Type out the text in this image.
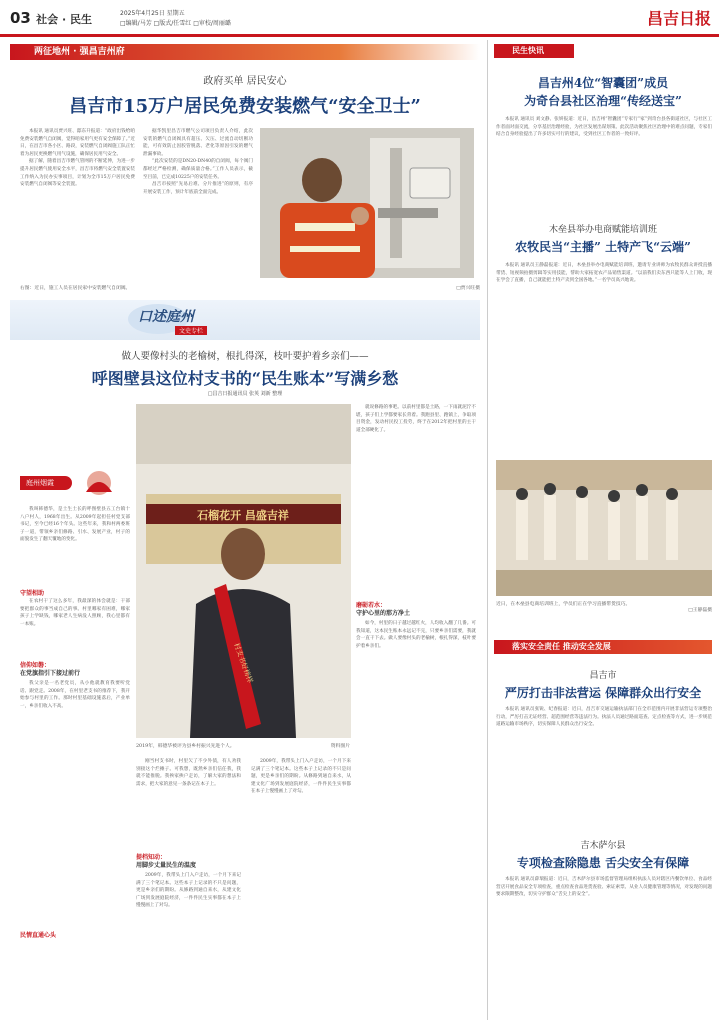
03 社会 · 民生	2025年4月25日 星期五
□编辑/马芳 □版式/任雪红 □审校/周丽璐	昌吉日报
两征地州 · 强昌吉州府
政府买单 居民安心
昌吉市15万户居民免费安装燃气“安全卫士”

本报讯 通讯员贾兴旺、邸东升报道：“政府出钱给咱免费安装燃气自闭阀，觉得咱家用气更有安全保障了。”近日，在昌吉市各小区、路段，安装燃气自闭阀施工队正忙着为居民更换燃气用气设施，确保居民用气安全。

据了解，随着昌吉市燃气管网的不断延伸，为进一步提升居民燃气使用安全水平，昌吉市将燃气安全装置安装工作纳入为民办实事项目，计划为全市15万户居民免费安装燃气自闭阀等安全装置。

据华凯里昌吉市燃气公司项目负责人介绍，此次安装的燃气自闭阀具有超压、欠压、过流自动切断功能，可有效防止因胶管脱落、老化等原因引发的燃气泄漏事故。

“此次安装的是DN20-DN40的自闭阀，每个阀门都经过严格检测，确保质量合格。”工作人员表示，截至目前，已完成10225户的安装任务。

昌吉市按照“先易后难、分片推进”的原则，有序开展安装工作，预计年底前全面完成。

右图：近日，施工人员在居民家中安装燃气自闭阀。	□贾兴旺摄
口述庭州
文史专栏
做人要像村头的老榆树，根扎得深，枝叶要护着乡亲们——
呼图壁县这位村支书的“民生账本”写满乡愁
□昌吉日报通讯员 张英 刘新 整理
庭州烟霞

我叫韩德华，是土生土长的呼图壁县五工台镇十八户村人，1968年出生。从2009年起担任村党支部书记，至今已经16个年头。这些年来，我和村两委班子一道，带领乡亲们修路、引水、发展产业，村子的面貌发生了翻天覆地的变化。

守望相助

在农村干了这么多年，我最深的体会就是：干部要把群众的事当成自己的事。村里哪家有困难，哪家孩子上学缺钱，哪家老人生病没人照顾，我心里都有一本账。

信仰如磐：
在党旗指引下接过前行

我父亲是一名老党员，从小他就教育我要听党话、跟党走。2008年，在村里老支书的推荐下，我开始参与村里的工作。那时村里基础设施落后，产业单一，乡亲们收入不高。

民情直通心头
石榴花开 昌盛吉祥
村支书好榜样
2019年，韩德华被评为县乡村振兴先进个人。	资料图片

刚当村支书时，村里欠了不少外债，有人劝我别接这个烂摊子。可我想，既然乡亲们信任我，我就不能推脱。我挨家挨户走访，了解大家的想法和需求，把大家的意见一条条记在本子上。

提档知动：
用脚步丈量民生的温度

2009年，我带头上门入户走访，一个月下来记满了三个笔记本。这些本子上记录的不只是问题，更是乡亲们的期盼。从修路到通自来水，从建文化广场到发展庭院经济，一件件民生实事都在本子上慢慢画上了对勾。

就说修路的事吧。以前村里都是土路，一下雨就泥泞不堪，孩子们上学都要家长背着。我跑县里、跑镇上，争取项目资金，发动村民投工投劳，终于在2012年把村里的主干道全部硬化了。

磨砺若水：
守护心里的那方净土

如今，村里的日子越过越红火，人均收入翻了几番。可我知道，这本民生账本永远记不完，只要乡亲们需要，我就会一直干下去。做人要像村头的老榆树，根扎得深，枝叶要护着乡亲们。

2009年，我带头上门入户走访，一个月下来记满了三个笔记本。这些本子上记录的不只是问题，更是乡亲们的期盼。从修路到通自来水，从建文化广场到发展庭院经济，一件件民生实事都在本子上慢慢画上了对勾。

民生快讯
昌吉州4位“智囊团”成员
为奇台县社区治理“传经送宝”

本报讯 通讯员 刘文静、张妍报道：近日，昌吉州“智囊团”专家行“家”到奇台县各街道社区，与社区工作者面对面交流，分享基层治理经验，为社区发展出谋划策。此次活动聚焦社区治理中的难点问题，专家们结合自身经验提出了许多切实可行的建议，受到社区工作者的一致好评。

木垒县举办电商赋能培训班
农牧民当“主播” 土特产飞“云端”

本报讯 通讯员王静磊报道：近日，木垒县举办电商赋能培训班，邀请专业讲师为农牧民群众讲授直播带货、短视频拍摄剪辑等实用技能，帮助大家拓宽农产品销售渠道。“以前我们卖东西只能等人上门收，现在学会了直播，自己就能把土特产卖到全国各地。”一名学员高兴地说。

近日，在木垒县电商培训班上，学员们正在学习直播带货技巧。
□王静磊摄
落实安全责任 推动安全发展
昌吉市
严厉打击非法营运 保障群众出行安全

本报讯 通讯员张锐、纪春报道：近日，昌吉市交通运输执法部门在全市范围内开展非法营运专项整治行动，严厉打击无证经营、超范围经营等违法行为。执法人员通过路面巡查、定点检查等方式，进一步规范道路运输市场秩序，切实保障人民群众出行安全。

吉木萨尔县
专项检查除隐患 舌尖安全有保障

本报讯 通讯员薛瑞报道：近日，吉木萨尔县市场监督管理局组织执法人员对辖区内餐饮单位、食品经营店开展食品安全专项检查，重点检查食品进货查验、索证索票、从业人员健康管理等情况，对发现的问题要求限期整改，切实守护群众“舌尖上的安全”。
